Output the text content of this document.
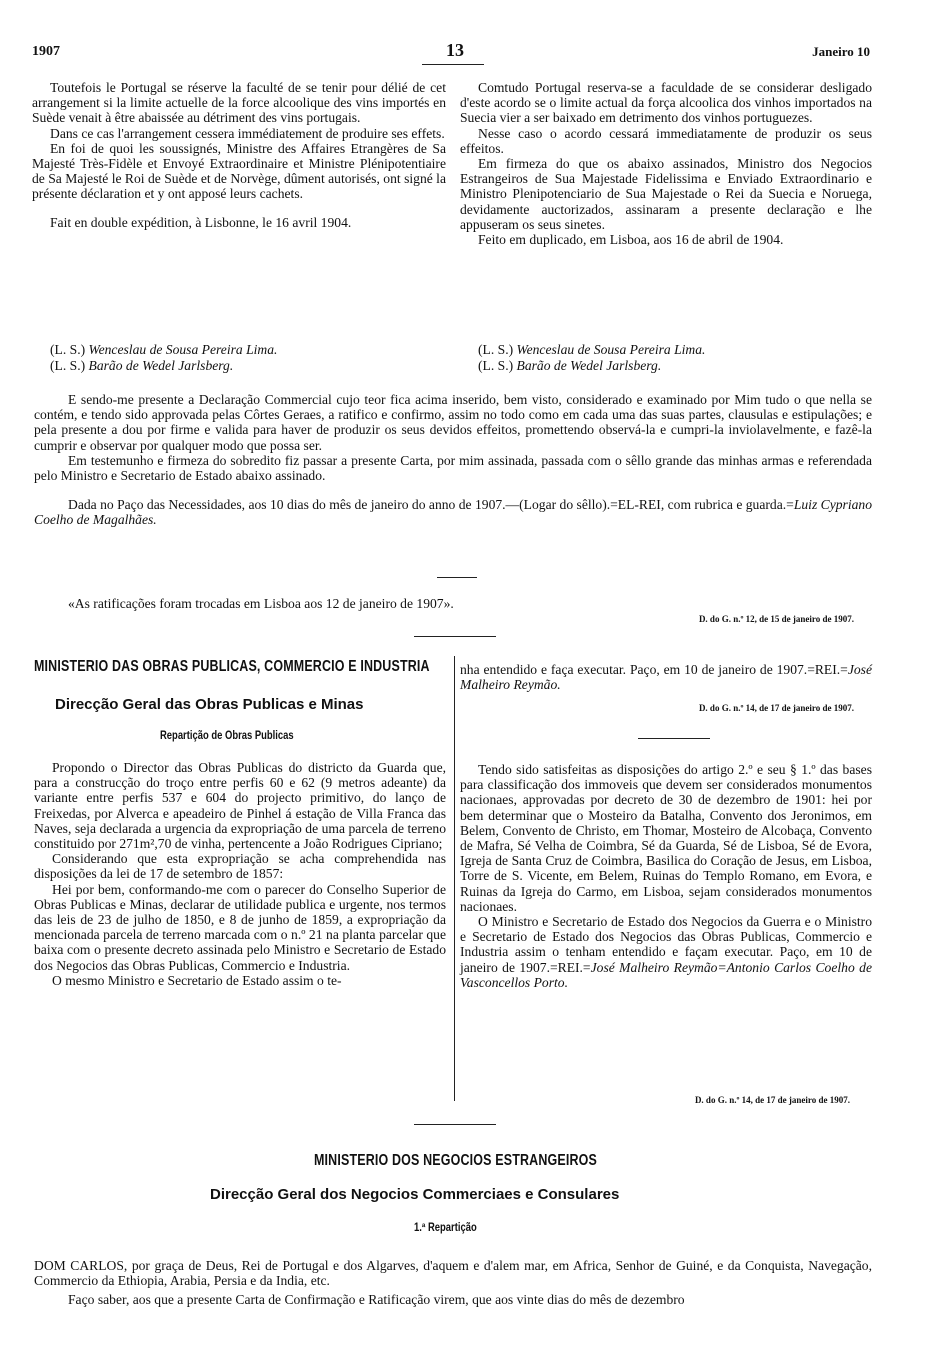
1907	13	Janeiro 10

Toutefois le Portugal se réserve la faculté de se tenir pour délié de cet arrangement si la limite actuelle de la force alcoolique des vins importés en Suède venait à être abaissée au détriment des vins portugais.

Dans ce cas l'arrangement cessera immédiatement de produire ses effets.

En foi de quoi les soussignés, Ministre des Affaires Etrangères de Sa Majesté Très-Fidèle et Envoyé Extraordinaire et Ministre Plénipotentiaire de Sa Majesté le Roi de Suède et de Norvège, dûment autorisés, ont signé la présente déclaration et y ont apposé leurs cachets.

Fait en double expédition, à Lisbonne, le 16 avril 1904.

Comtudo Portugal reserva-se a faculdade de se considerar desligado d'este acordo se o limite actual da força alcoolica dos vinhos importados na Suecia vier a ser baixado em detrimento dos vinhos portuguezes.

Nesse caso o acordo cessará immediatamente de produzir os seus effeitos.

Em firmeza do que os abaixo assinados, Ministro dos Negocios Estrangeiros de Sua Majestade Fidelissima e Enviado Extraordinario e Ministro Plenipotenciario de Sua Majestade o Rei da Suecia e Noruega, devidamente auctorizados, assinaram a presente declaração e lhe appuseram os seus sinetes.

Feito em duplicado, em Lisboa, aos 16 de abril de 1904.

(L. S.) Wenceslau de Sousa Pereira Lima.
(L. S.) Barão de Wedel Jarlsberg.
(L. S.) Wenceslau de Sousa Pereira Lima.
(L. S.) Barão de Wedel Jarlsberg.

E sendo-me presente a Declaração Commercial cujo teor fica acima inserido, bem visto, considerado e examinado por Mim tudo o que nella se contém, e tendo sido approvada pelas Côrtes Geraes, a ratifico e confirmo, assim no todo como em cada uma das suas partes, clausulas e estipulações; e pela presente a dou por firme e valida para haver de produzir os seus devidos effeitos, promettendo observá-la e cumpri-la inviolavelmente, e fazê-la cumprir e observar por qualquer modo que possa ser.

Em testemunho e firmeza do sobredito fiz passar a presente Carta, por mim assinada, passada com o sêllo grande das minhas armas e referendada pelo Ministro e Secretario de Estado abaixo assinado.

Dada no Paço das Necessidades, aos 10 dias do mês de janeiro do anno de 1907.—(Logar do sêllo).=EL-REI, com rubrica e guarda.=Luiz Cypriano Coelho de Magalhães.

«As ratificações foram trocadas em Lisboa aos 12 de janeiro de 1907».
D. do G. n.º 12, de 15 de janeiro de 1907.
MINISTERIO DAS OBRAS PUBLICAS, COMMERCIO E INDUSTRIA
Direcção Geral das Obras Publicas e Minas
Repartição de Obras Publicas

Propondo o Director das Obras Publicas do districto da Guarda que, para a construcção do troço entre perfis 60 e 62 (9 metros adeante) da variante entre perfis 537 e 604 do projecto primitivo, do lanço de Freixedas, por Alverca e apeadeiro de Pinhel á estação de Villa Franca das Naves, seja declarada a urgencia da expropriação de uma parcela de terreno constituido por 271m²,70 de vinha, pertencente a João Rodrigues Cipriano;

Considerando que esta expropriação se acha comprehendida nas disposições da lei de 17 de setembro de 1857:

Hei por bem, conformando-me com o parecer do Conselho Superior de Obras Publicas e Minas, declarar de utilidade publica e urgente, nos termos das leis de 23 de julho de 1850, e 8 de junho de 1859, a expropriação da mencionada parcela de terreno marcada com o n.º 21 na planta parcelar que baixa com o presente decreto assinada pelo Ministro e Secretario de Estado dos Negocios das Obras Publicas, Commercio e Industria.

O mesmo Ministro e Secretario de Estado assim o te-

nha entendido e faça executar. Paço, em 10 de janeiro de 1907.=REI.=José Malheiro Reymão.

D. do G. n.º 14, de 17 de janeiro de 1907.

Tendo sido satisfeitas as disposições do artigo 2.º e seu § 1.º das bases para classificação dos immoveis que devem ser considerados monumentos nacionaes, approvadas por decreto de 30 de dezembro de 1901: hei por bem determinar que o Mosteiro da Batalha, Convento dos Jeronimos, em Belem, Convento de Christo, em Thomar, Mosteiro de Alcobaça, Convento de Mafra, Sé Velha de Coimbra, Sé da Guarda, Sé de Lisboa, Sé de Evora, Igreja de Santa Cruz de Coimbra, Basilica do Coração de Jesus, em Lisboa, Torre de S. Vicente, em Belem, Ruinas do Templo Romano, em Evora, e Ruinas da Igreja do Carmo, em Lisboa, sejam considerados monumentos nacionaes.

O Ministro e Secretario de Estado dos Negocios da Guerra e o Ministro e Secretario de Estado dos Negocios das Obras Publicas, Commercio e Industria assim o tenham entendido e façam executar. Paço, em 10 de janeiro de 1907.=REI.=José Malheiro Reymão=Antonio Carlos Coelho de Vasconcellos Porto.

D. do G. n.º 14, de 17 de janeiro de 1907.
MINISTERIO DOS NEGOCIOS ESTRANGEIROS
Direcção Geral dos Negocios Commerciaes e Consulares
1.ª Repartição

DOM CARLOS, por graça de Deus, Rei de Portugal e dos Algarves, d'aquem e d'alem mar, em Africa, Senhor de Guiné, e da Conquista, Navegação, Commercio da Ethiopia, Arabia, Persia e da India, etc.

Faço saber, aos que a presente Carta de Confirmação e Ratificação virem, que aos vinte dias do mês de dezembro
